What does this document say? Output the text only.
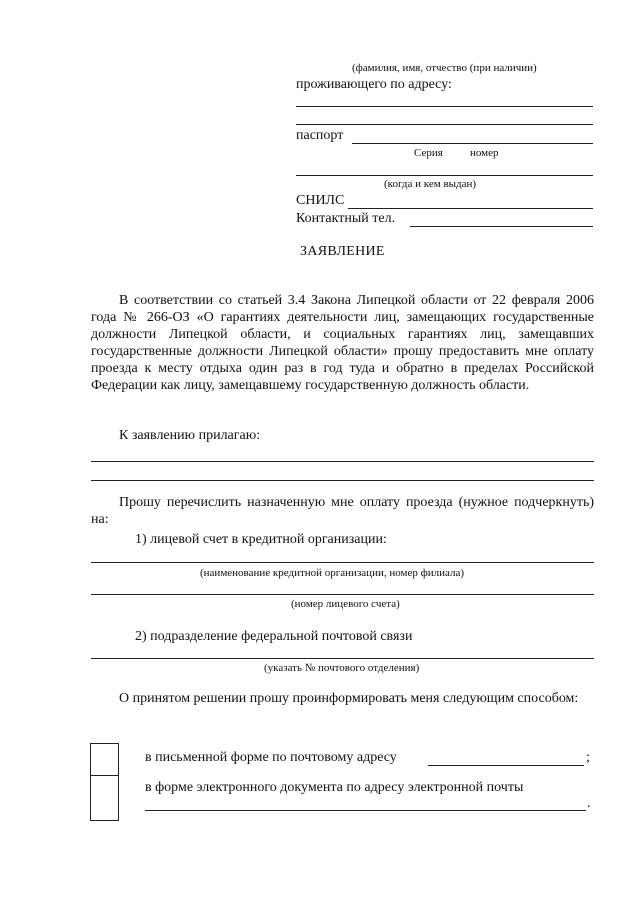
(фамилия, имя, отчество (при наличии)
проживающего по адресу:
паспорт
Серия номер
(когда и кем выдан)
СНИЛС
Контактный тел.
ЗАЯВЛЕНИЕ
В соответствии со статьей 3.4 Закона Липецкой области от 22 февраля 2006 года № 266-ОЗ «О гарантиях деятельности лиц, замещающих государственные должности Липецкой области, и социальных гарантиях лиц, замещавших государственные должности Липецкой области» прошу предоставить мне оплату проезда к месту отдыха один раз в год туда и обратно в пределах Российской Федерации как лицу, замещавшему государственную должность области.
К заявлению прилагаю:
Прошу перечислить назначенную мне оплату проезда (нужное подчеркнуть) на:
1) лицевой счет в кредитной организации:
(наименование кредитной организации, номер филиала)
(номер лицевого счета)
2) подразделение федеральной почтовой связи
(указать № почтового отделения)
О принятом решении прошу проинформировать меня следующим способом:
в письменной форме по почтовому адресу	;
в форме электронного документа по адресу электронной почты
.
